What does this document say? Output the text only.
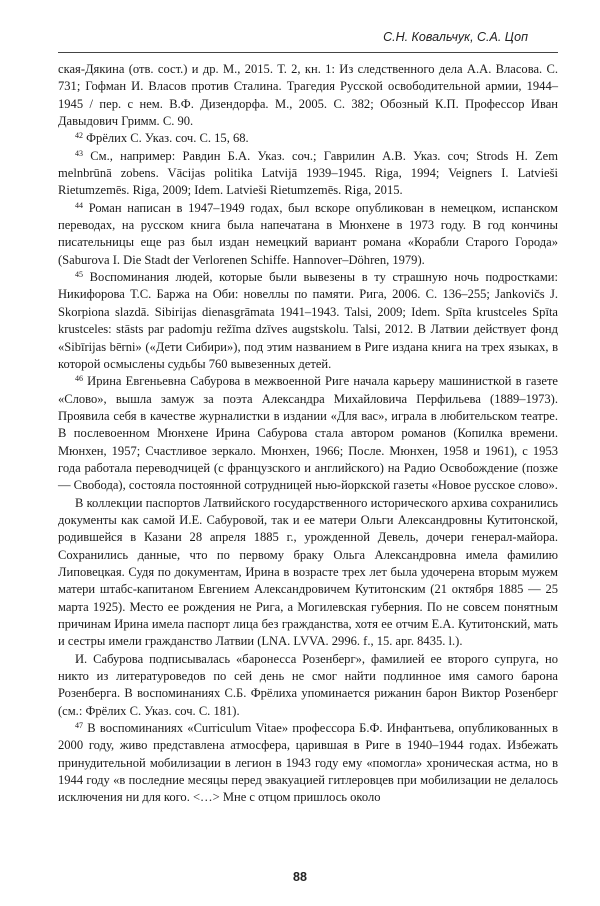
С.Н. Ковальчук, С.А. Цоп

ская-Дякина (отв. сост.) и др. М., 2015. Т. 2, кн. 1: Из следственного дела А.А. Власова. С. 731; Гофман И. Власов против Сталина. Трагедия Русской освободительной армии, 1944–1945 / пер. с нем. В.Ф. Дизендорфа. М., 2005. С. 382; Обозный К.П. Профессор Иван Давыдович Гримм. С. 90.

$^{42}$ Фрёлих С. Указ. соч. С. 15, 68.

$^{43}$ См., например: Равдин Б.А. Указ. соч.; Гаврилин А.В. Указ. соч; Strods H. Zem melnbrūnā zobens. Vācijas politika Latvijā 1939–1945. Riga, 1994; Veigners I. Latvieši Rietumzemēs. Riga, 2009; Idem. Latvieši Rietumzemēs. Riga, 2015.

$^{44}$ Роман написан в 1947–1949 годах, был вскоре опубликован в немецком, испанском переводах, на русском книга была напечатана в Мюнхене в 1973 году. В год кончины писательницы еще раз был издан немецкий вариант романа «Корабли Старого Города» (Saburova I. Die Stadt der Verlorenen Schiffe. Hannover–Döhren, 1979).

$^{45}$ Воспоминания людей, которые были вывезены в ту страшную ночь подростками: Никифорова Т.С. Баржа на Оби: новеллы по памяти. Рига, 2006. С. 136–255; Jankovičs J. Skorpiona slazdā. Sibirijas dienasgrāmata 1941–1943. Talsi, 2009; Idem. Spīta krustceles Spīta krustceles: stāsts par padomju režīma dzīves augstskolu. Talsi, 2012. В Латвии действует фонд «Sibīrijas bērni» («Дети Сибири»), под этим названием в Риге издана книга на трех языках, в которой осмыслены судьбы 760 вывезенных детей.

$^{46}$ Ирина Евгеньевна Сабурова в межвоенной Риге начала карьеру машинисткой в газете «Слово», вышла замуж за поэта Александра Михайловича Перфильева (1889–1973). Проявила себя в качестве журналистки в издании «Для вас», играла в любительском театре. В послевоенном Мюнхене Ирина Сабурова стала автором романов (Копилка времени. Мюнхен, 1957; Счастливое зеркало. Мюнхен, 1966; После. Мюнхен, 1958 и 1961), с 1953 года работала переводчицей (с французского и английского) на Радио Освобождение (позже — Свобода), состояла постоянной сотрудницей нью-йоркской газеты «Новое русское слово».

В коллекции паспортов Латвийского государственного исторического архива сохранились документы как самой И.Е. Сабуровой, так и ее матери Ольги Александровны Кутитонской, родившейся в Казани 28 апреля 1885 г., урожденной Девель, дочери генерал-майора. Сохранились данные, что по первому браку Ольга Александровна имела фамилию Липовецкая. Судя по документам, Ирина в возрасте трех лет была удочерена вторым мужем матери штабс-капитаном Евгением Александровичем Кутитонским (21 октября 1885 — 25 марта 1925). Место ее рождения не Рига, а Могилевская губерния. По не совсем понятным причинам Ирина имела паспорт лица без гражданства, хотя ее отчим Е.А. Кутитонский, мать и сестры имели гражданство Латвии (LNA. LVVA. 2996. f., 15. apr. 8435. l.).

И. Сабурова подписывалась «баронесса Розенберг», фамилией ее второго супруга, но никто из литературоведов по сей день не смог найти подлинное имя самого барона Розенберга. В воспоминаниях С.Б. Фрёлиха упоминается рижанин барон Виктор Розенберг (см.: Фрёлих С. Указ. соч. С. 181).

$^{47}$ В воспоминаниях «Curriculum Vitae» профессора Б.Ф. Инфантьева, опубликованных в 2000 году, живо представлена атмосфера, царившая в Риге в 1940–1944 годах. Избежать принудительной мобилизации в легион в 1943 году ему «помогла» хроническая астма, но в 1944 году «в последние месяцы перед эвакуацией гитлеровцев при мобилизации не делалось исключения ни для кого. <…> Мне с отцом пришлось около

88
